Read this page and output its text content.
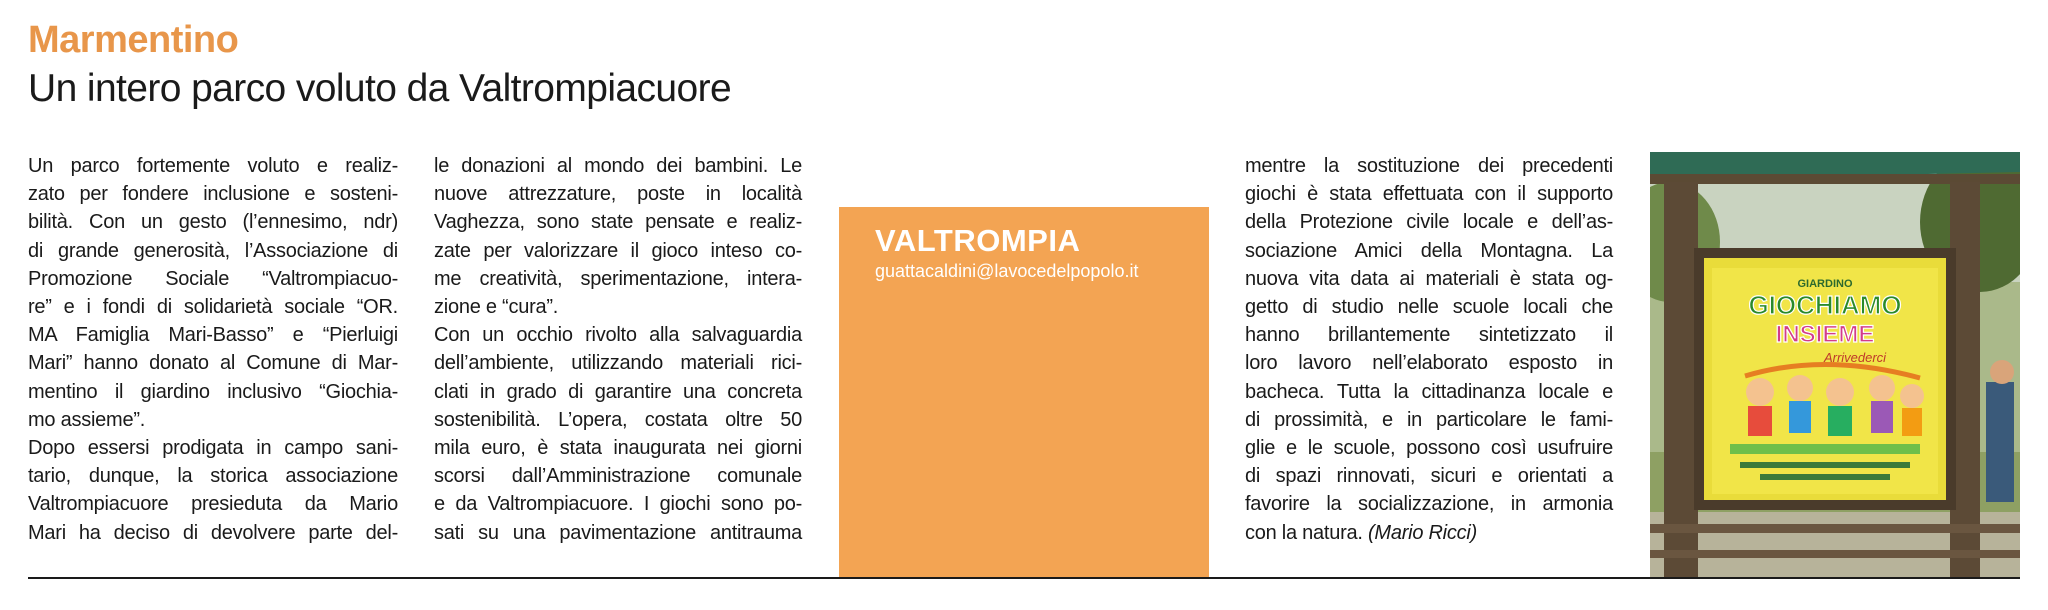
Marmentino
Un intero parco voluto da Valtrompiacuore
Un parco fortemente voluto e realiz-
zato per fondere inclusione e sosteni-
bilità. Con un gesto (l’ennesimo, ndr)
di grande generosità, l’Associazione di
Promozione Sociale “Valtrompiacuo-
re” e i fondi di solidarietà sociale “OR.
MA Famiglia Mari-Basso” e “Pierluigi
Mari” hanno donato al Comune di Mar-
mentino il giardino inclusivo “Giochia-
mo assieme”.
Dopo essersi prodigata in campo sani-
tario, dunque, la storica associazione
Valtrompiacuore presieduta da Mario
Mari ha deciso di devolvere parte del-
le donazioni al mondo dei bambini. Le
nuove attrezzature, poste in località
Vaghezza, sono state pensate e realiz-
zate per valorizzare il gioco inteso co-
me creatività, sperimentazione, intera-
zione e “cura”.
Con un occhio rivolto alla salvaguardia
dell’ambiente, utilizzando materiali rici-
clati in grado di garantire una concreta
sostenibilità. L’opera, costata oltre 50
mila euro, è stata inaugurata nei giorni
scorsi dall’Amministrazione comunale
e da Valtrompiacuore. I giochi sono po-
sati su una pavimentazione antitrauma
mentre la sostituzione dei precedenti
giochi è stata effettuata con il supporto
della Protezione civile locale e dell’as-
sociazione Amici della Montagna. La
nuova vita data ai materiali è stata og-
getto di studio nelle scuole locali che
hanno brillantemente sintetizzato il
loro lavoro nell’elaborato esposto in
bacheca. Tutta la cittadinanza locale e
di prossimità, e in particolare le fami-
glie e le scuole, possono così usufruire
di spazi rinnovati, sicuri e orientati a
favorire la socializzazione, in armonia
con la natura. (Mario Ricci)
VALTROMPIA
guattacaldini@lavocedelpopolo.it
GIARDINO
GIOCHIAMO
INSIEME
Arrivederci
